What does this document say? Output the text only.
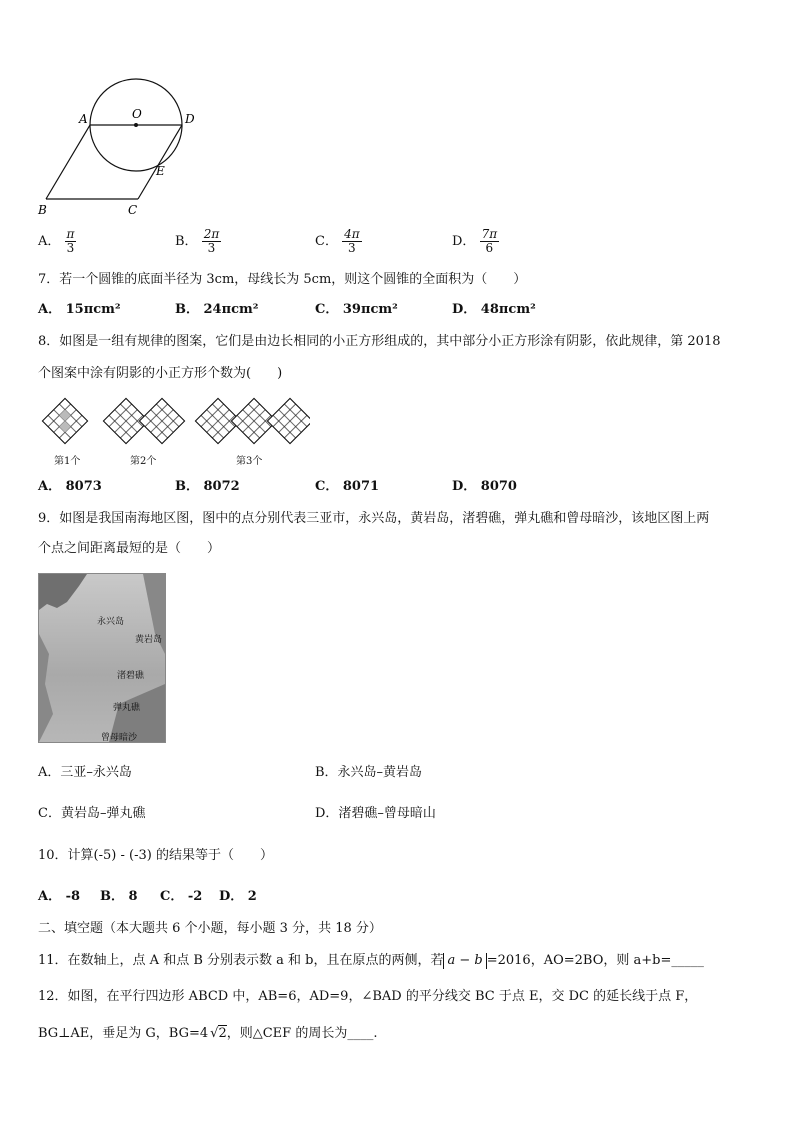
O
A	D
E
B	C
A． $\frac{\pi}{3}$	B． $\frac{2\pi}{3}$	C． $\frac{4\pi}{3}$	D． $\frac{7\pi}{6}$
7．若一个圆锥的底面半径为 3cm，母线长为 5cm，则这个圆锥的全面积为（　　）
A． 15πcm²	B． 24πcm²	C． 39πcm²	D． 48πcm²
8．如图是一组有规律的图案，它们是由边长相同的小正方形组成的，其中部分小正方形涂有阴影，依此规律，第 2018
个图案中涂有阴影的小正方形个数为(　　)
第1个	第2个	第3个
A． 8073	B． 8072	C． 8071	D． 8070
9．如图是我国南海地区图，图中的点分别代表三亚市，永兴岛，黄岩岛，渚碧礁，弹丸礁和曾母暗沙，该地区图上两
个点之间距离最短的是（　　）
永兴岛
黄岩岛
渚碧礁
弹丸礁
曾母暗沙
A．三亚–永兴岛	B．永兴岛–黄岩岛
C．黄岩岛–弹丸礁	D．渚碧礁–曾母暗山
10．计算(-5) - (-3) 的结果等于（　　）
A． -8 B． 8 C． -2 D． 2
二、填空题（本大题共 6 个小题，每小题 3 分，共 18 分）
11．在数轴上，点 A 和点 B 分别表示数 a 和 b，且在原点的两侧，若 a − b =2016，AO=2BO，则 a+b=_____
12．如图，在平行四边形 ABCD 中，AB=6，AD=9，∠BAD 的平分线交 BC 于点 E，交 DC 的延长线于点 F，
BG⊥AE，垂足为 G，BG=4 √2，则△CEF 的周长为____.
